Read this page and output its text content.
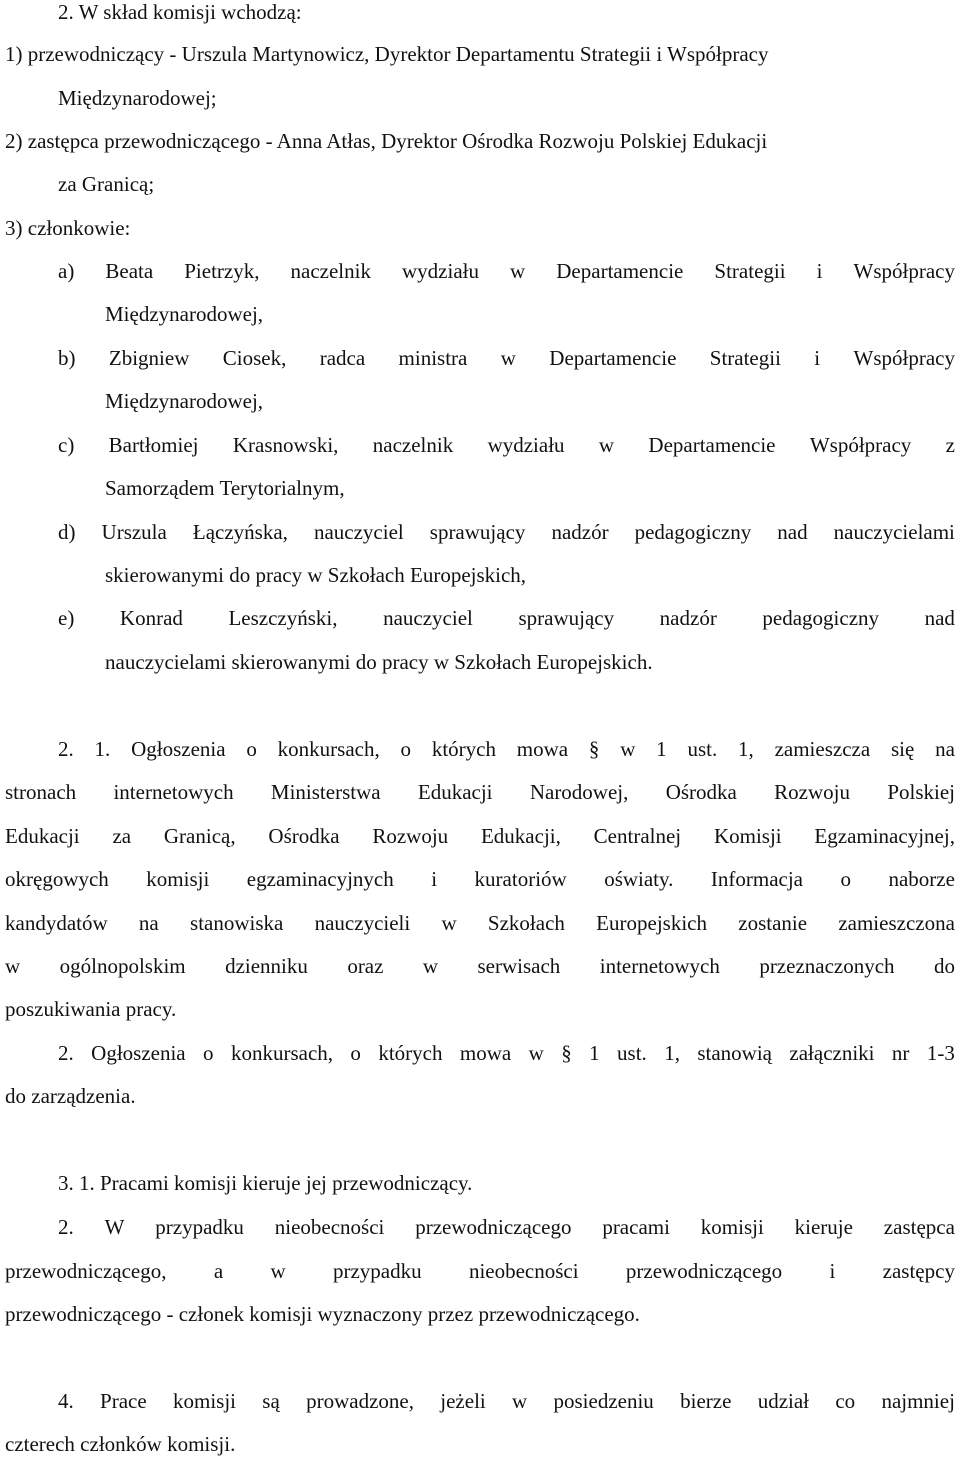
2. W skład komisji wchodzą:
1) przewodniczący - Urszula Martynowicz, Dyrektor Departamentu Strategii i Współpracy
Międzynarodowej;
2) zastępca przewodniczącego - Anna Atłas, Dyrektor Ośrodka Rozwoju Polskiej Edukacji
za Granicą;
3) członkowie:
a) Beata Pietrzyk, naczelnik wydziału w Departamencie Strategii i Współpracy
Międzynarodowej,
b) Zbigniew Ciosek, radca ministra w Departamencie Strategii i Współpracy
Międzynarodowej,
c) Bartłomiej Krasnowski, naczelnik wydziału w Departamencie Współpracy z
Samorządem Terytorialnym,
d) Urszula Łączyńska, nauczyciel sprawujący nadzór pedagogiczny nad nauczycielami
skierowanymi do pracy w Szkołach Europejskich,
e) Konrad Leszczyński, nauczyciel sprawujący nadzór pedagogiczny nad
nauczycielami skierowanymi do pracy w Szkołach Europejskich.
2. 1. Ogłoszenia o konkursach, o których mowa § w 1 ust. 1, zamieszcza się na
stronach internetowych Ministerstwa Edukacji Narodowej, Ośrodka Rozwoju Polskiej
Edukacji za Granicą, Ośrodka Rozwoju Edukacji, Centralnej Komisji Egzaminacyjnej,
okręgowych komisji egzaminacyjnych i kuratoriów oświaty. Informacja o naborze
kandydatów na stanowiska nauczycieli w Szkołach Europejskich zostanie zamieszczona
w ogólnopolskim dzienniku oraz w serwisach internetowych przeznaczonych do
poszukiwania pracy.
2. Ogłoszenia o konkursach, o których mowa w § 1 ust. 1, stanowią załączniki nr 1-3
do zarządzenia.
3. 1. Pracami komisji kieruje jej przewodniczący.
2. W przypadku nieobecności przewodniczącego pracami komisji kieruje zastępca
przewodniczącego, a w przypadku nieobecności przewodniczącego i zastępcy
przewodniczącego - członek komisji wyznaczony przez przewodniczącego.
4. Prace komisji są prowadzone, jeżeli w posiedzeniu bierze udział co najmniej
czterech członków komisji.
